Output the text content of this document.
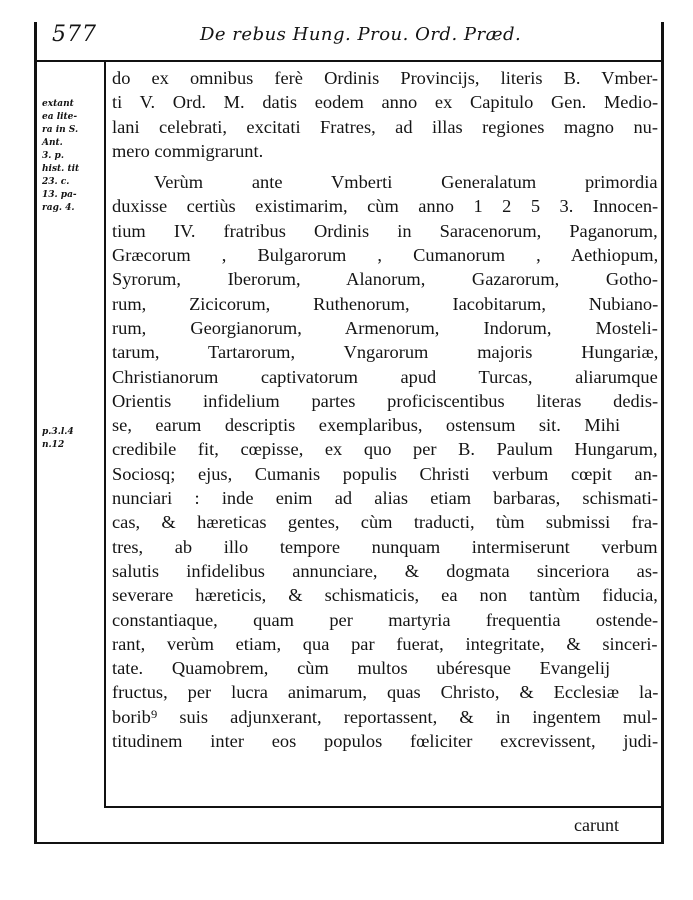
577	De rebus Hung. Prou. Ord. Præd.
extant
ea lite-
ra in S.
Ant.
3. p.
hist. tit
23. c.
13. pa-
rag. 4.
p.3.l.4
n.12
do ex omnibus ferè Ordinis Provincijs, literis B. Vmber-
ti V. Ord. M. datis eodem anno ex Capitulo Gen. Medio-
lani celebrati, excitati Fratres, ad illas regiones magno nu-
mero commigrarunt.
Verùm ante Vmberti Generalatum primordia
duxisse certiùs existimarim, cùm anno 1 2 5 3. Innocen-
tium IV. fratribus Ordinis in Saracenorum, Paganorum,
Græcorum , Bulgarorum , Cumanorum , Aethiopum,
Syrorum, Iberorum, Alanorum, Gazarorum, Gotho-
rum, Zicicorum, Ruthenorum, Iacobitarum, Nubiano-
rum, Georgianorum, Armenorum, Indorum, Mosteli-
tarum, Tartarorum, Vngarorum majoris Hungariæ,
Christianorum captivatorum apud Turcas, aliarumque
Orientis infidelium partes proficiscentibus literas dedis-
se, earum descriptis exemplaribus, ostensum sit. Mihi
credibile fit, cœpisse, ex quo per B. Paulum Hungarum,
Sociosq; ejus, Cumanis populis Christi verbum cœpit an-
nunciari : inde enim ad alias etiam barbaras, schismati-
cas, & hæreticas gentes, cùm traducti, tùm submissi fra-
tres, ab illo tempore nunquam intermiserunt verbum
salutis infidelibus annunciare, & dogmata sinceriora as-
severare hæreticis, & schismaticis, ea non tantùm fiducia,
constantiaque, quam per martyria frequentia ostende-
rant, verùm etiam, qua par fuerat, integritate, & sinceri-
tate. Quamobrem, cùm multos ubéresque Evangelij
fructus, per lucra animarum, quas Christo, & Ecclesiæ la-
borib⁹ suis adjunxerant, reportassent, & in ingentem mul-
titudinem inter eos populos fœliciter excrevissent, judi-
carunt
